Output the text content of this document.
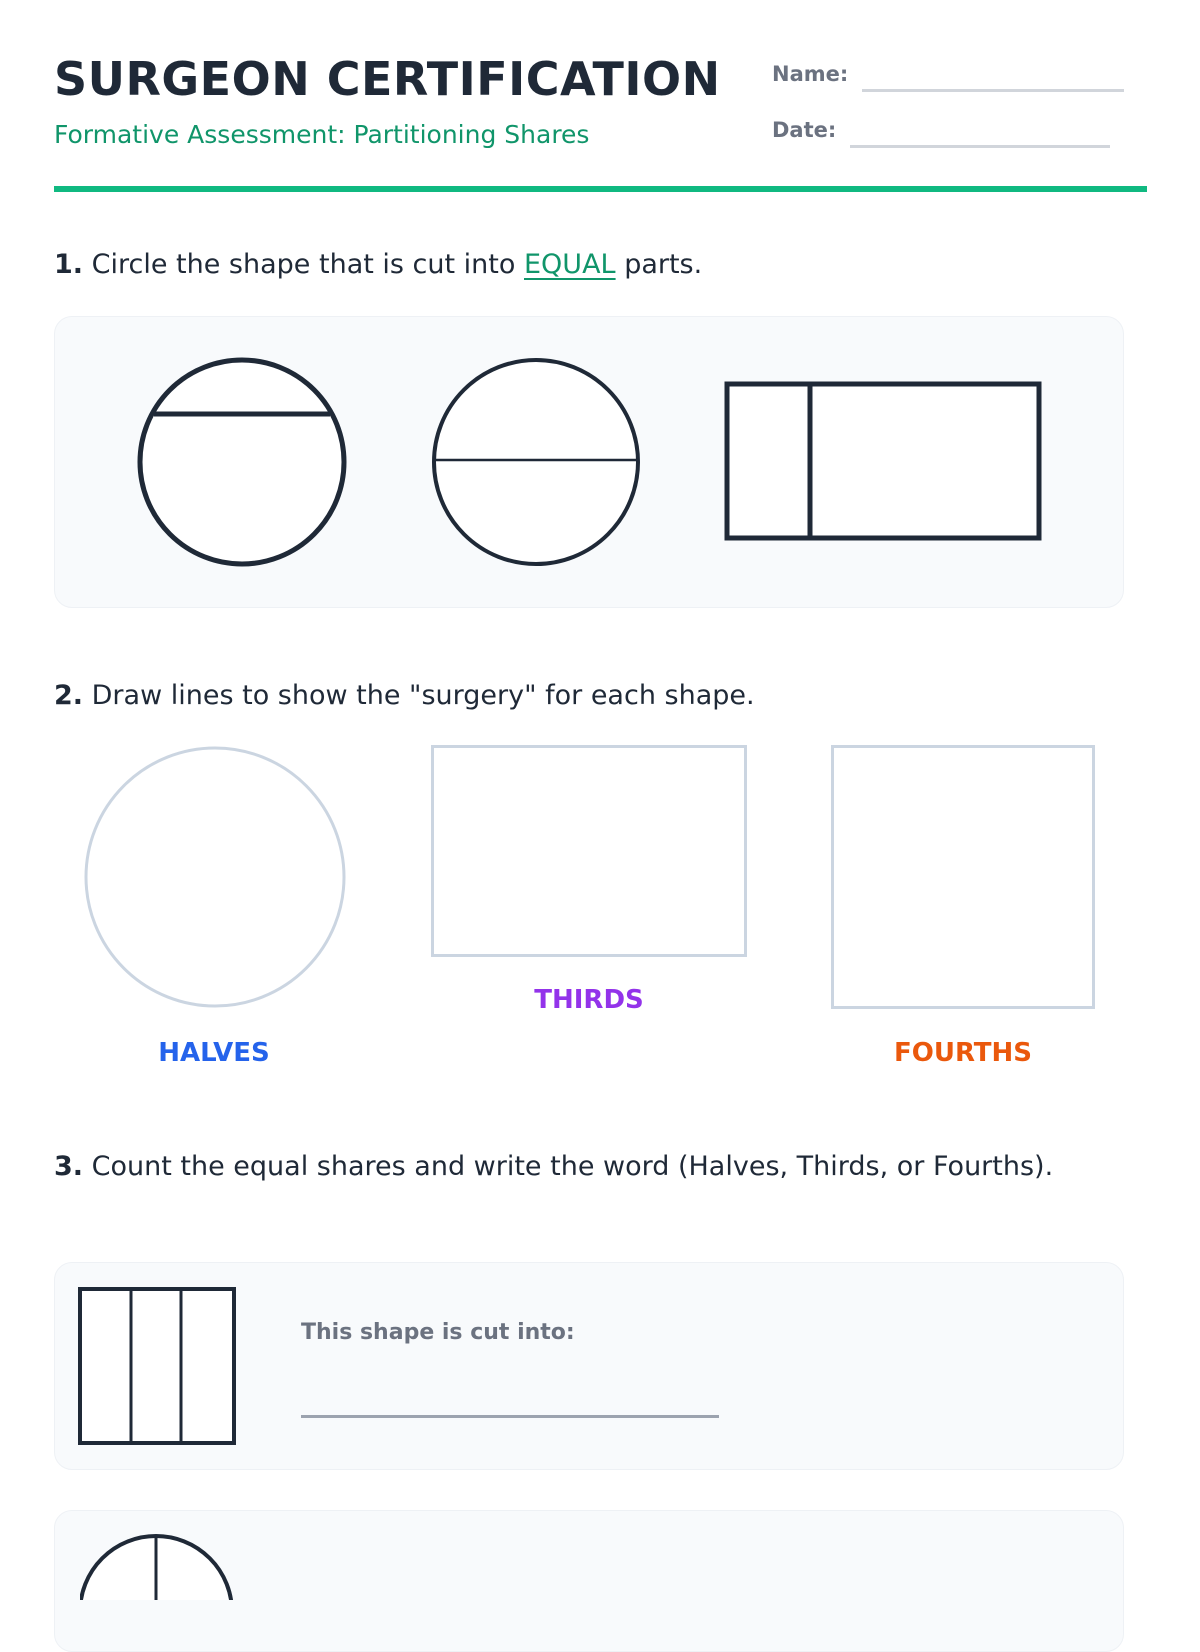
SURGEON CERTIFICATION
Formative Assessment: Partitioning Shares
Name:
Date:
1. Circle the shape that is cut into EQUAL parts.
2. Draw lines to show the "surgery" for each shape.
HALVES
THIRDS
FOURTHS
3. Count the equal shares and write the word (Halves, Thirds, or Fourths).
This shape is cut into:
